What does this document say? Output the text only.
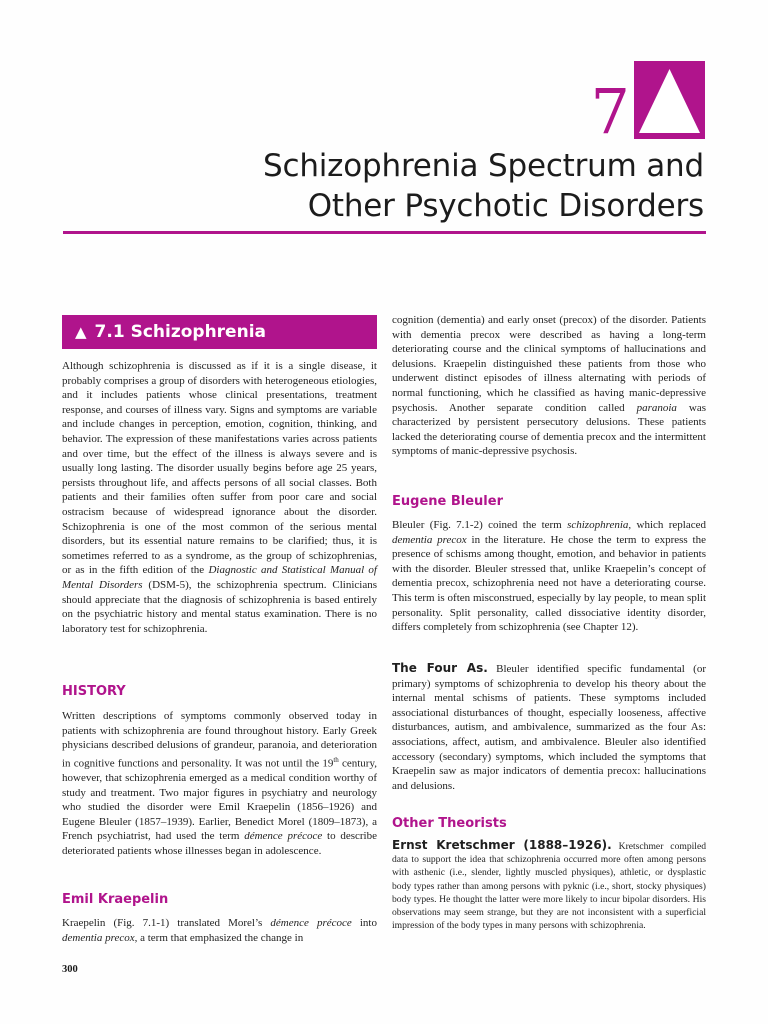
7
Schizophrenia Spectrum and
Other Psychotic Disorders
▲ 7.1 Schizophrenia

Although schizophrenia is discussed as if it is a single disease, it probably comprises a group of disorders with heterogeneous etiologies, and it includes patients whose clinical presentations, treatment response, and courses of illness vary. Signs and symptoms are variable and include changes in perception, emotion, cognition, thinking, and behavior. The expression of these manifestations varies across patients and over time, but the effect of the illness is always severe and is usually long lasting. The disorder usually begins before age 25 years, persists throughout life, and affects persons of all social classes. Both patients and their families often suffer from poor care and social ostracism because of widespread ignorance about the disorder. Schizophrenia is one of the most common of the serious mental disorders, but its essential nature remains to be clarified; thus, it is sometimes referred to as a syndrome, as the group of schizophrenias, or as in the fifth edition of the Diagnostic and Statistical Manual of Mental Disorders (DSM-5), the schizophrenia spectrum. Clinicians should appreciate that the diagnosis of schizophrenia is based entirely on the psychiatric history and mental status examination. There is no laboratory test for schizophrenia.

HISTORY

Written descriptions of symptoms commonly observed today in patients with schizophrenia are found throughout history. Early Greek physicians described delusions of grandeur, paranoia, and deterioration in cognitive functions and personality. It was not until the 19th century, however, that schizophrenia emerged as a medical condition worthy of study and treatment. Two major figures in psychiatry and neurology who studied the disorder were Emil Kraepelin (1856–1926) and Eugene Bleuler (1857–1939). Earlier, Benedict Morel (1809–1873), a French psychiatrist, had used the term démence précoce to describe deteriorated patients whose illnesses began in adolescence.

Emil Kraepelin

Kraepelin (Fig. 7.1-1) translated Morel’s démence précoce into dementia precox, a term that emphasized the change in

300

cognition (dementia) and early onset (precox) of the disorder. Patients with dementia precox were described as having a long-term deteriorating course and the clinical symptoms of hallucinations and delusions. Kraepelin distinguished these patients from those who underwent distinct episodes of illness alternating with periods of normal functioning, which he classified as having manic-depressive psychosis. Another separate condition called paranoia was characterized by persistent persecutory delusions. These patients lacked the deteriorating course of dementia precox and the intermittent symptoms of manic-depressive psychosis.

Eugene Bleuler

Bleuler (Fig. 7.1-2) coined the term schizophrenia, which replaced dementia precox in the literature. He chose the term to express the presence of schisms among thought, emotion, and behavior in patients with the disorder. Bleuler stressed that, unlike Kraepelin’s concept of dementia precox, schizophrenia need not have a deteriorating course. This term is often misconstrued, especially by lay people, to mean split personality. Split personality, called dissociative identity disorder, differs completely from schizophrenia (see Chapter 12).

The Four As. Bleuler identified specific fundamental (or primary) symptoms of schizophrenia to develop his theory about the internal mental schisms of patients. These symptoms included associational disturbances of thought, especially looseness, affective disturbances, autism, and ambivalence, summarized as the four As: associations, affect, autism, and ambivalence. Bleuler also identified accessory (secondary) symptoms, which included the symptoms that Kraepelin saw as major indicators of dementia precox: hallucinations and delusions.

Other Theorists

Ernst Kretschmer (1888–1926). Kretschmer compiled data to support the idea that schizophrenia occurred more often among persons with asthenic (i.e., slender, lightly muscled physiques), athletic, or dysplastic body types rather than among persons with pyknic (i.e., short, stocky physiques) body types. He thought the latter were more likely to incur bipolar disorders. His observations may seem strange, but they are not inconsistent with a superficial impression of the body types in many persons with schizophrenia.
